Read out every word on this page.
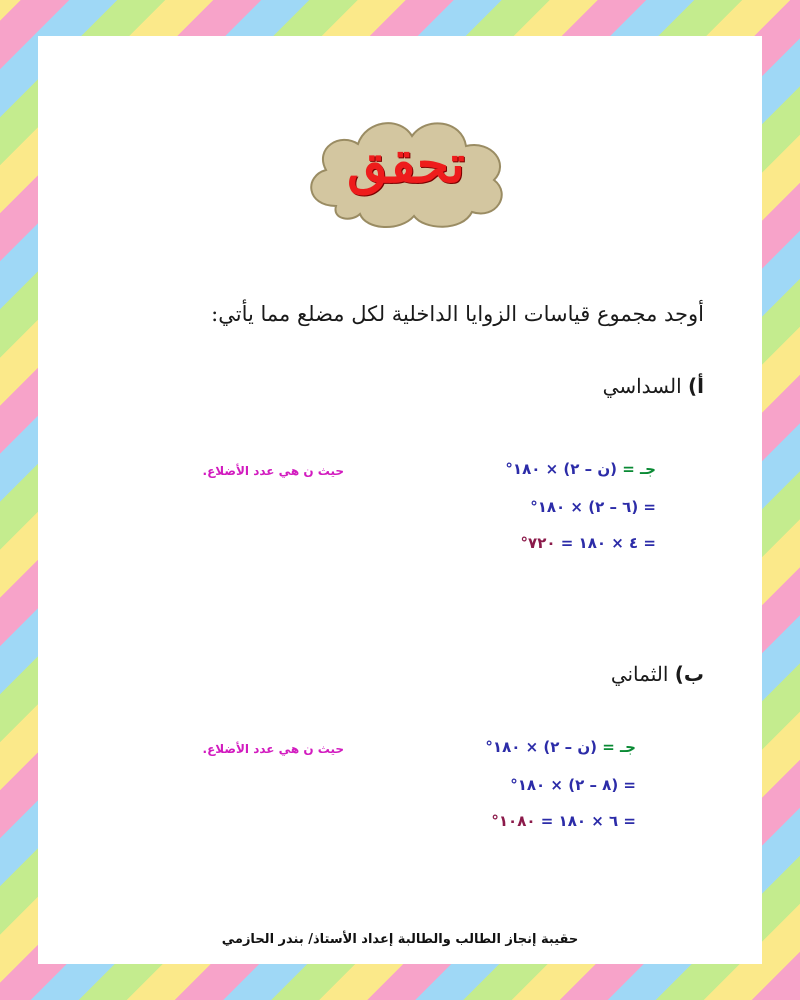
تحقق
أوجد مجموع قياسات الزوايا الداخلية لكل مضلع مما يأتي:
أ) السداسي
حيث ن هي عدد الأضلاع.	جـ = (ن – ٢) × ١٨٠°
= (٦ – ٢) × ١٨٠°
= ٤ × ١٨٠ = ٧٢٠°
ب) الثماني
حيث ن هي عدد الأضلاع.	جـ = (ن – ٢) × ١٨٠°
= (٨ – ٢) × ١٨٠°
= ٦ × ١٨٠ = ١٠٨٠°
حقيبة إنجاز الطالب والطالبة إعداد الأستاذ/ بندر الحازمي
